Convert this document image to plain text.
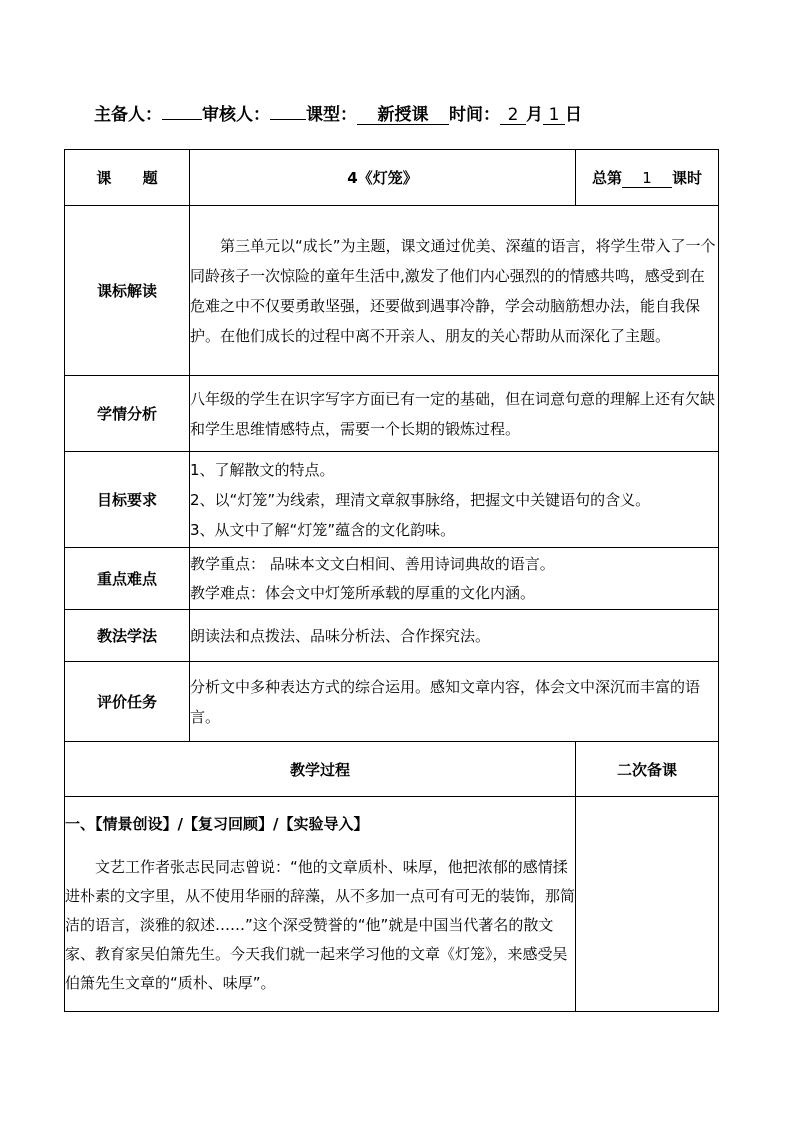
主备人： 审核人： 课型： 新授课 时间： 2 月 1 日
课      题	4《灯笼》	总第 1 课时
课标解读	第三单元以“成长”为主题，课文通过优美、深蕴的语言，将学生带入了一个同龄孩子一次惊险的童年生活中,激发了他们内心强烈的的情感共鸣，感受到在危难之中不仅要勇敢坚强，还要做到遇事冷静，学会动脑筋想办法，能自我保护。在他们成长的过程中离不开亲人、朋友的关心帮助从而深化了主题。	
学情分析	八年级的学生在识字写字方面已有一定的基础，但在词意句意的理解上还有欠缺和学生思维情感特点，需要一个长期的锻炼过程。	
目标要求	1、了解散文的特点。
2、以“灯笼”为线索，理清文章叙事脉络，把握文中关键语句的含义。
3、从文中了解“灯笼”蕴含的文化韵味。	

重点难点	教学重点： 品味本文文白相间、善用诗词典故的语言。
教学难点：体会文中灯笼所承载的厚重的文化内涵。	

教法学法	朗读法和点拨法、品味分析法、合作探究法。	
评价任务	分析文中多种表达方式的综合运用。感知文章内容，体会文中深沉而丰富的语言。	
教学过程		二次备课

一、【情景创设】/【复习回顾】/【实验导入】
文艺工作者张志民同志曾说：“他的文章质朴、味厚，他把浓郁的感情揉进朴素的文字里，从不使用华丽的辞藻，从不多加一点可有可无的装饰，那简洁的语言，淡雅的叙述……”这个深受赞誉的“他”就是中国当代著名的散文家、教育家吴伯箫先生。今天我们就一起来学习他的文章《灯笼》，来感受吴伯箫先生文章的“质朴、味厚”。		
